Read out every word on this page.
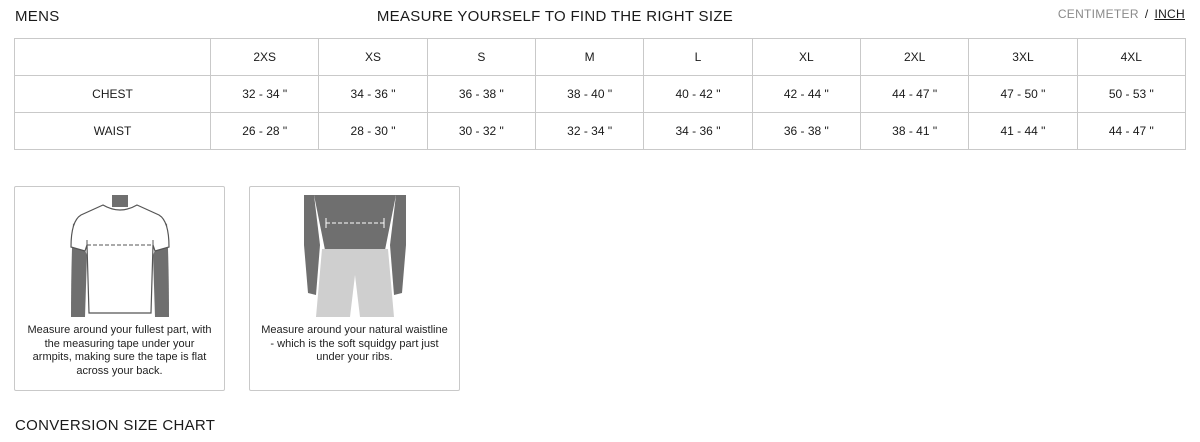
MENS	MEASURE YOURSELF TO FIND THE RIGHT SIZE	CENTIMETER / INCH
	2XS	XS	S	M	L	XL	2XL	3XL	4XL
CHEST	32 - 34 "	34 - 36 "	36 - 38 "	38 - 40 "	40 - 42 "	42 - 44 "	44 - 47 "	47 - 50 "	50 - 53 "
WAIST	26 - 28 "	28 - 30 "	30 - 32 "	32 - 34 "	34 - 36 "	36 - 38 "	38 - 41 "	41 - 44 "	44 - 47 "
Measure around your fullest part, with the measuring tape under your armpits, making sure the tape is flat across your back.
Measure around your natural waistline - which is the soft squidgy part just under your ribs.
CONVERSION SIZE CHART
